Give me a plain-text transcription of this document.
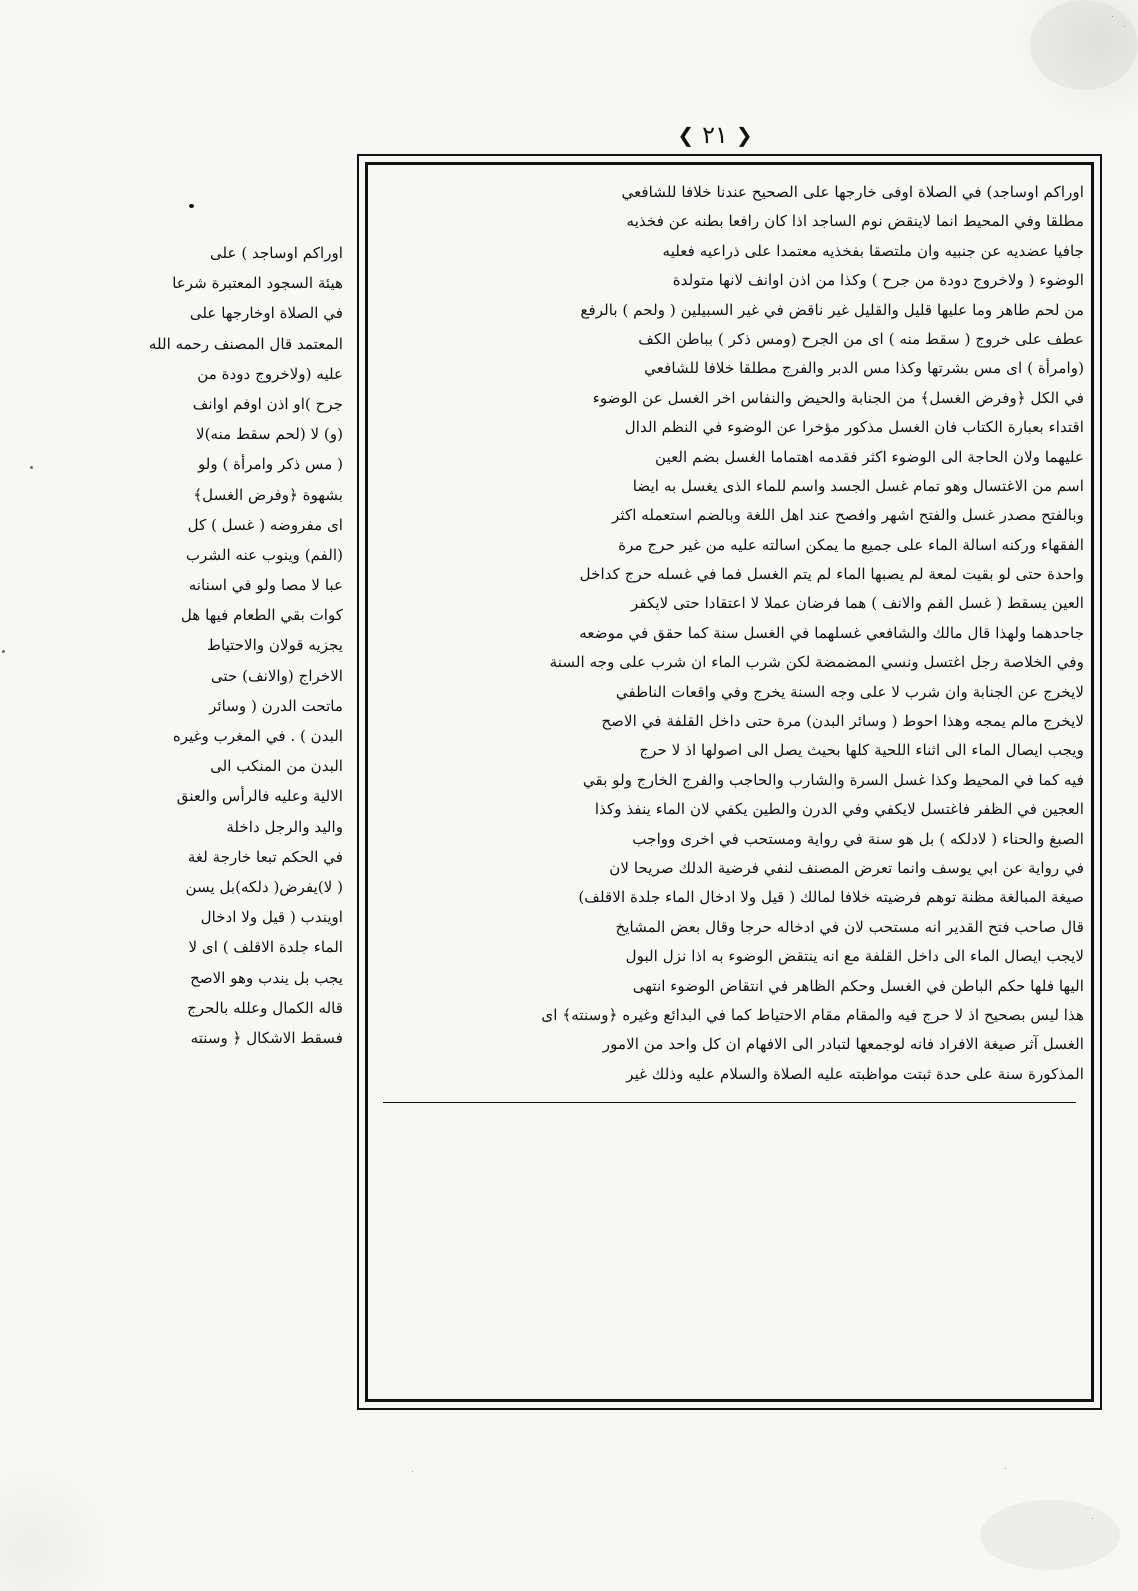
❮ ٢١ ❯
اوراكم اوساجد ) على
هيئة السجود المعتبرة شرعا
في الصلاة اوخارجها على
المعتمد قال المصنف رحمه الله
عليه (ولاخروج دودة من
جرح )او اذن اوفم اوانف
(و) لا (لحم سقط منه)لا
( مس ذكر وامرأة ) ولو
بشهوة ﴿وفرض الغسل﴾
اى مفروضه ( غسل ) كل
(الفم) وينوب عنه الشرب
عبا لا مصا ولو في اسنانه
كوات بقي الطعام فيها هل
يجزيه قولان والاحتياط
الاخراج (والانف) حتى
ماتحت الدرن ( وسائر
البدن ) . في المغرب وغيره
البدن من المنكب الى
الالية وعليه فالرأس والعنق
واليد والرجل داخلة
في الحكم تبعا خارجة لغة
( لا)يفرض( دلكه)بل يسن
اويندب ( قيل ولا ادخال
الماء جلدة الاقلف ) اى لا
يجب بل يندب وهو الاصح
قاله الكمال وعلله بالحرج
فسقط الاشكال ﴿ وسنته
اوراكم اوساجد) في الصلاة اوفى خارجها على الصحيح عندنا خلافا للشافعي
مطلقا وفي المحيط انما لاينقض نوم الساجد اذا كان رافعا بطنه عن فخذيه
جافيا عضديه عن جنبيه وان ملتصقا بفخذيه معتمدا على ذراعيه فعليه
الوضوء ( ولاخروج دودة من جرح ) وكذا من اذن اوانف لانها متولدة
من لحم طاهر وما عليها قليل والقليل غير ناقض في غير السبيلين ( ولحم ) بالرفع
عطف على خروج ( سقط منه ) اى من الجرح (ومس ذكر ) بباطن الكف
(وامرأة ) اى مس بشرتها وكذا مس الدبر والفرج مطلقا خلافا للشافعي
في الكل ﴿وفرض الغسل﴾ من الجنابة والحيض والنفاس اخر الغسل عن الوضوء
اقتداء بعبارة الكتاب فان الغسل مذكور مؤخرا عن الوضوء في النظم الدال
عليهما ولان الحاجة الى الوضوء اكثر فقدمه اهتماما الغسل بضم العين
اسم من الاغتسال وهو تمام غسل الجسد واسم للماء الذى يغسل به ايضا
وبالفتح مصدر غسل والفتح اشهر وافصح عند اهل اللغة وبالضم استعمله اكثر
الفقهاء وركنه اسالة الماء على جميع ما يمكن اسالته عليه من غير حرج مرة
واحدة حتى لو بقيت لمعة لم يصبها الماء لم يتم الغسل فما في غسله حرج كداخل
العين يسقط ( غسل الفم والانف ) هما فرضان عملا لا اعتقادا حتى لايكفر
جاحدهما ولهذا قال مالك والشافعي غسلهما في الغسل سنة كما حقق في موضعه
وفي الخلاصة رجل اغتسل ونسي المضمضة لكن شرب الماء ان شرب على وجه السنة
لايخرج عن الجنابة وان شرب لا على وجه السنة يخرج وفي واقعات الناطفي
لايخرج مالم يمجه وهذا احوط ( وسائر البدن) مرة حتى داخل القلفة في الاصح
ويجب ايصال الماء الى اثناء اللحية كلها بحيث يصل الى اصولها اذ لا حرج
فيه كما في المحيط وكذا غسل السرة والشارب والحاجب والفرج الخارج ولو بقي
العجين في الظفر فاغتسل لايكفي وفي الدرن والطين يكفي لان الماء ينفذ وكذا
الصبغ والحناء ( لادلكه ) بل هو سنة في رواية ومستحب في اخرى وواجب
في رواية عن ابي يوسف وانما تعرض المصنف لنفي فرضية الدلك صريحا لان
صيغة المبالغة مظنة توهم فرضيته خلافا لمالك ( قيل ولا ادخال الماء جلدة الاقلف)
قال صاحب فتح القدير انه مستحب لان في ادخاله حرجا وقال بعض المشايخ
لايجب ايصال الماء الى داخل القلفة مع انه ينتقض الوضوء به اذا نزل البول
اليها فلها حكم الباطن في الغسل وحكم الظاهر في انتقاض الوضوء انتهى
هذا ليس بصحيح اذ لا حرج فيه والمقام مقام الاحتياط كما في البدائع وغيره ﴿وسنته﴾ اى
الغسل آثر صيغة الافراد فانه لوجمعها لتبادر الى الافهام ان كل واحد من الامور
المذكورة سنة على حدة ثبتت مواظبته عليه الصلاة والسلام عليه وذلك غير
